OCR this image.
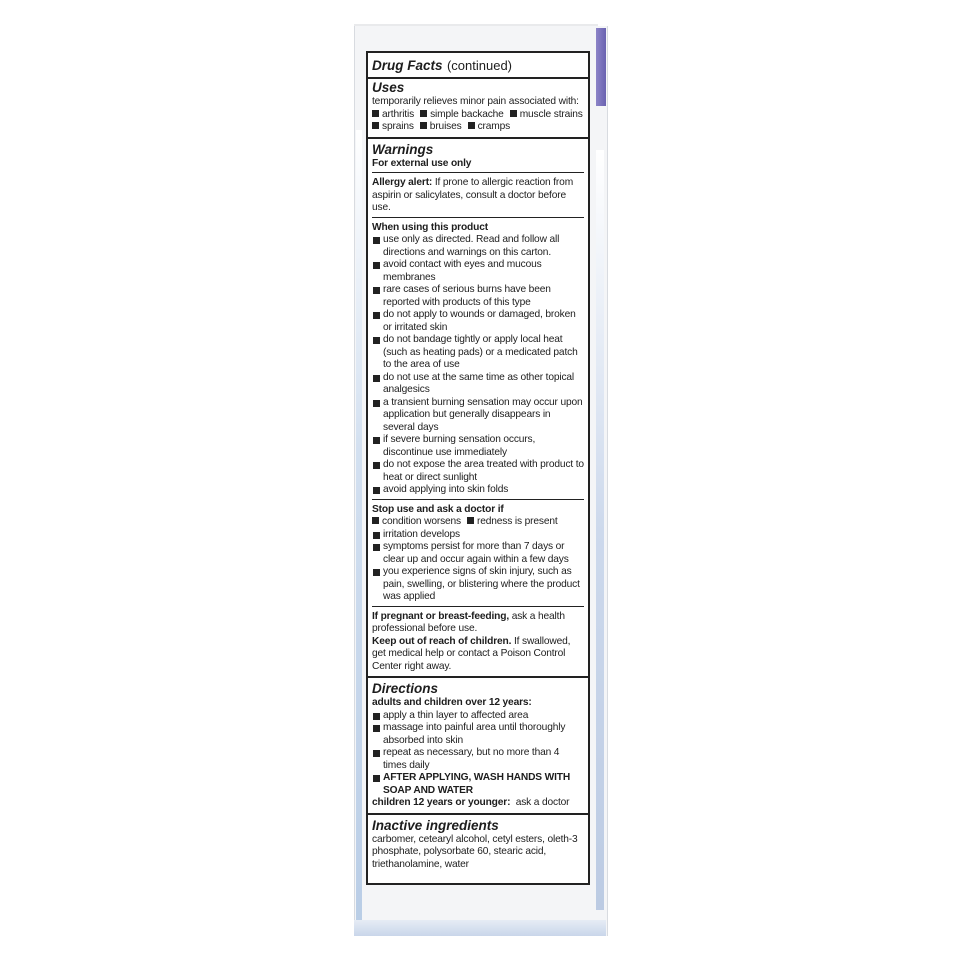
Drug Facts (continued)
Uses
temporarily relieves minor pain associated with:
arthritis	simple backache	muscle strains
sprains	bruises	cramps
Warnings
For external use only
Allergy alert: If prone to allergic reaction from aspirin or salicylates, consult a doctor before use.
When using this product
use only as directed. Read and follow all directions and warnings on this carton.
avoid contact with eyes and mucous membranes
rare cases of serious burns have been reported with products of this type
do not apply to wounds or damaged, broken or irritated skin
do not bandage tightly or apply local heat (such as heating pads) or a medicated patch to the area of use
do not use at the same time as other topical analgesics
a transient burning sensation may occur upon application but generally disappears in several days
if severe burning sensation occurs, discontinue use immediately
do not expose the area treated with product to heat or direct sunlight
avoid applying into skin folds
Stop use and ask a doctor if
condition worsens	redness is present
irritation develops
symptoms persist for more than 7 days or clear up and occur again within a few days
you experience signs of skin injury, such as pain, swelling, or blistering where the product was applied
If pregnant or breast-feeding, ask a health professional before use.
Keep out of reach of children. If swallowed, get medical help or contact a Poison Control Center right away.
Directions
adults and children over 12 years:
apply a thin layer to affected area
massage into painful area until thoroughly absorbed into skin
repeat as necessary, but no more than 4 times daily
AFTER APPLYING, WASH HANDS WITH SOAP AND WATER
children 12 years or younger: ask a doctor
Inactive ingredients
carbomer, cetearyl alcohol, cetyl esters, oleth-3 phosphate, polysorbate 60, stearic acid, triethanolamine, water
